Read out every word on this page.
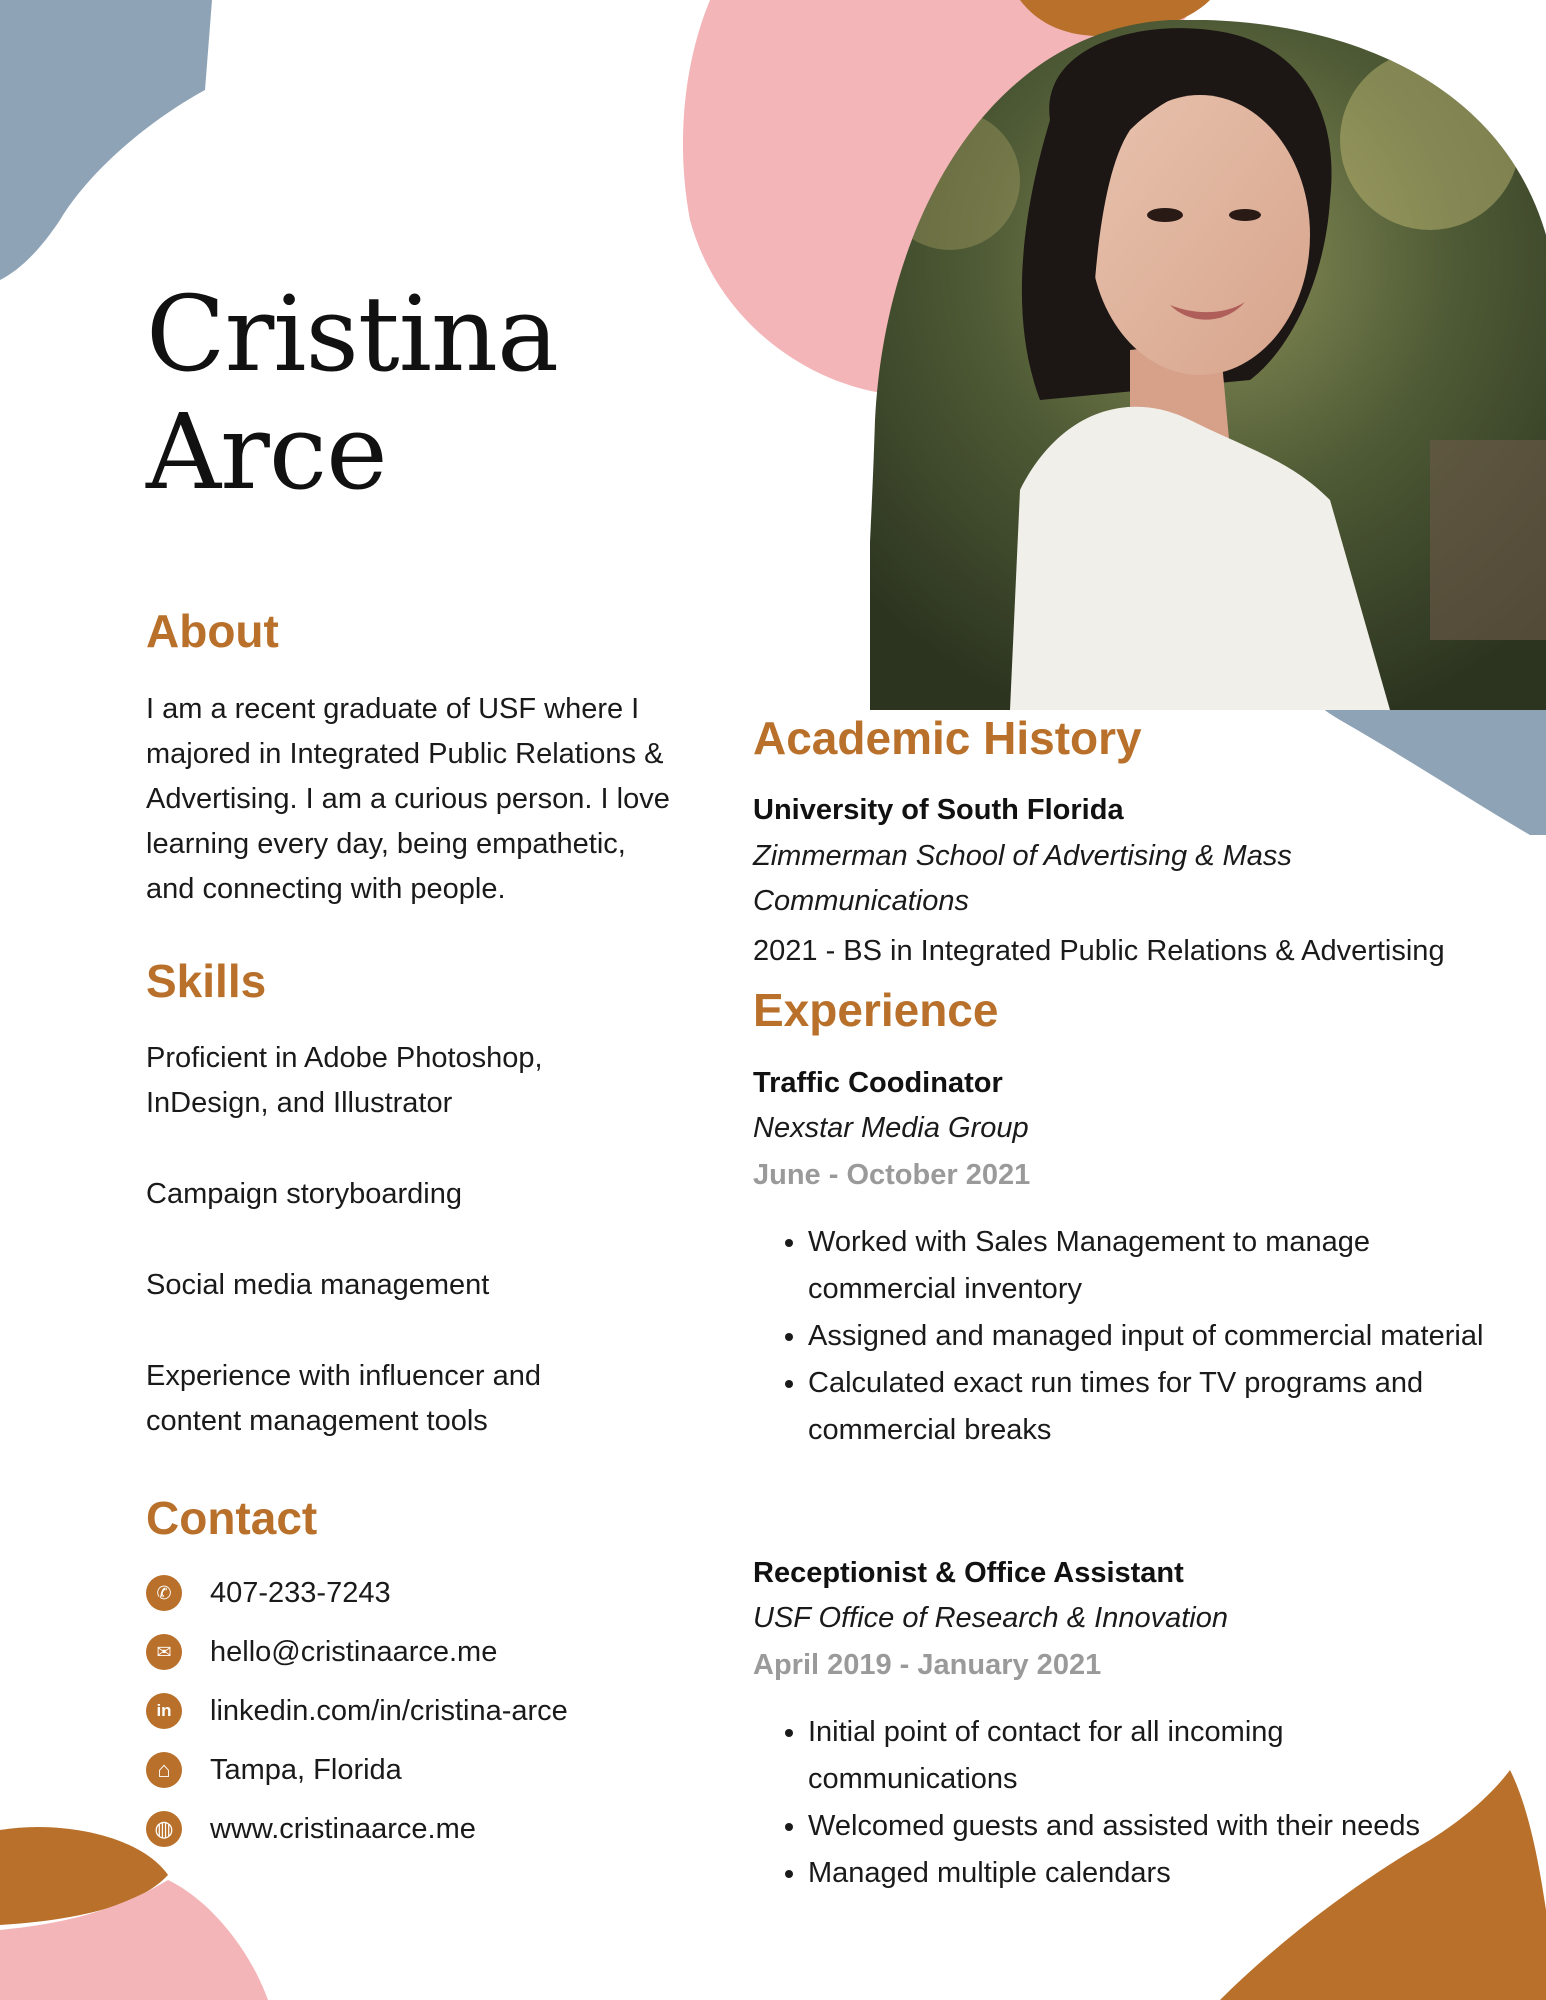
Cristina
Arce
About
I am a recent graduate of USF where I
majored in Integrated Public Relations &
Advertising. I am a curious person. I love
learning every day, being empathetic,
and connecting with people.
Skills
Proficient in Adobe Photoshop,
InDesign, and Illustrator
Campaign storyboarding
Social media management
Experience with influencer and
content management tools
Contact
✆	407-233-7243
✉	hello@cristinaarce.me
in	linkedin.com/in/cristina-arce
⌂	Tampa, Florida
◍ www.cristinaarce.me
Academic History
University of South Florida
Zimmerman School of Advertising & Mass
Communications
2021 - BS in Integrated Public Relations & Advertising
Experience
Traffic Coodinator
Nexstar Media Group
June - October 2021
• Worked with Sales Management to manage commercial inventory
• Assigned and managed input of commercial material
• Calculated exact run times for TV programs and commercial breaks
Receptionist & Office Assistant
USF Office of Research & Innovation
April 2019 - January 2021
• Initial point of contact for all incoming communications
• Welcomed guests and assisted with their needs
• Managed multiple calendars
